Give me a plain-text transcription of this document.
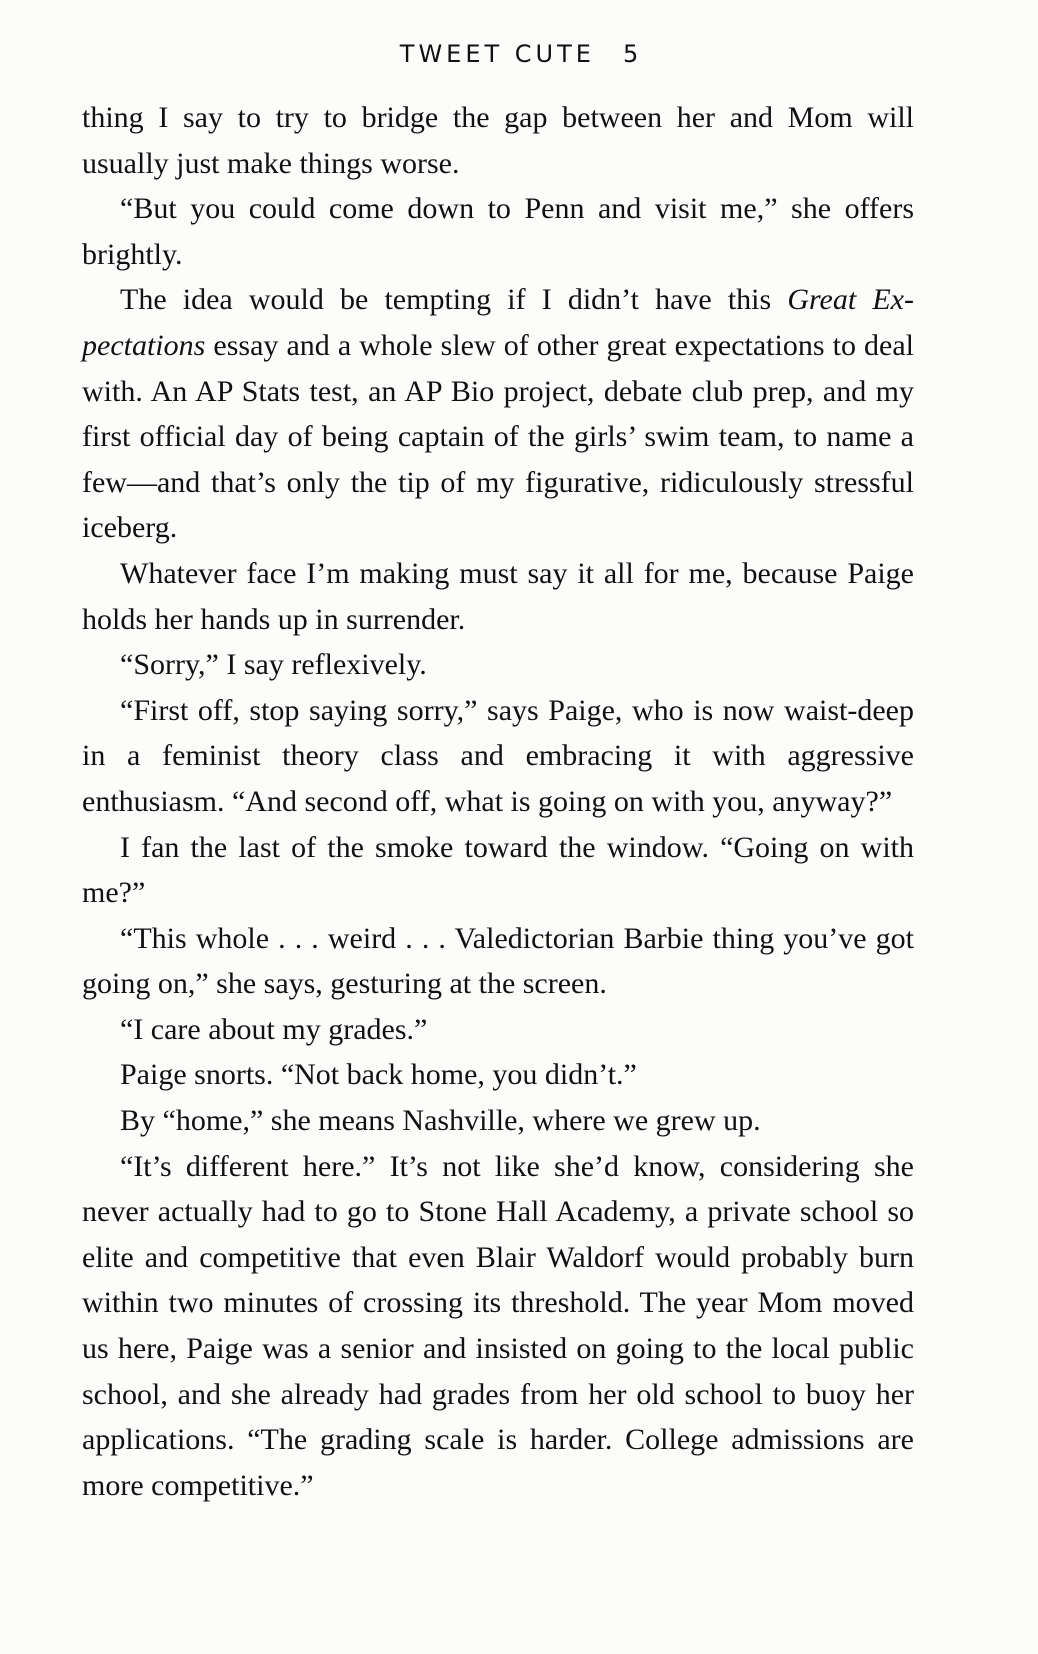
TWEET CUTE 5

thing I say to try to bridge the gap between her and Mom will usually just make things worse.

“But you could come down to Penn and visit me,” she offers brightly.

The idea would be tempting if I didn’t have this Great Expectations essay and a whole slew of other great expectations to deal with. An AP Stats test, an AP Bio project, debate club prep, and my first official day of being captain of the girls’ swim team, to name a few—and that’s only the tip of my figurative, ridiculously stressful iceberg.

Whatever face I’m making must say it all for me, because Paige holds her hands up in surrender.

“Sorry,” I say reflexively.

“First off, stop saying sorry,” says Paige, who is now waist-deep in a feminist theory class and embracing it with aggressive enthusiasm. “And second off, what is going on with you, anyway?”

I fan the last of the smoke toward the window. “Going on with me?”

“This whole . . . weird . . . Valedictorian Barbie thing you’ve got going on,” she says, gesturing at the screen.

“I care about my grades.”

Paige snorts. “Not back home, you didn’t.”

By “home,” she means Nashville, where we grew up.

“It’s different here.” It’s not like she’d know, considering she never actually had to go to Stone Hall Academy, a private school so elite and competitive that even Blair Waldorf would probably burn within two minutes of crossing its threshold. The year Mom moved us here, Paige was a senior and insisted on going to the local public school, and she already had grades from her old school to buoy her applications. “The grading scale is harder. College admissions are more competitive.”
